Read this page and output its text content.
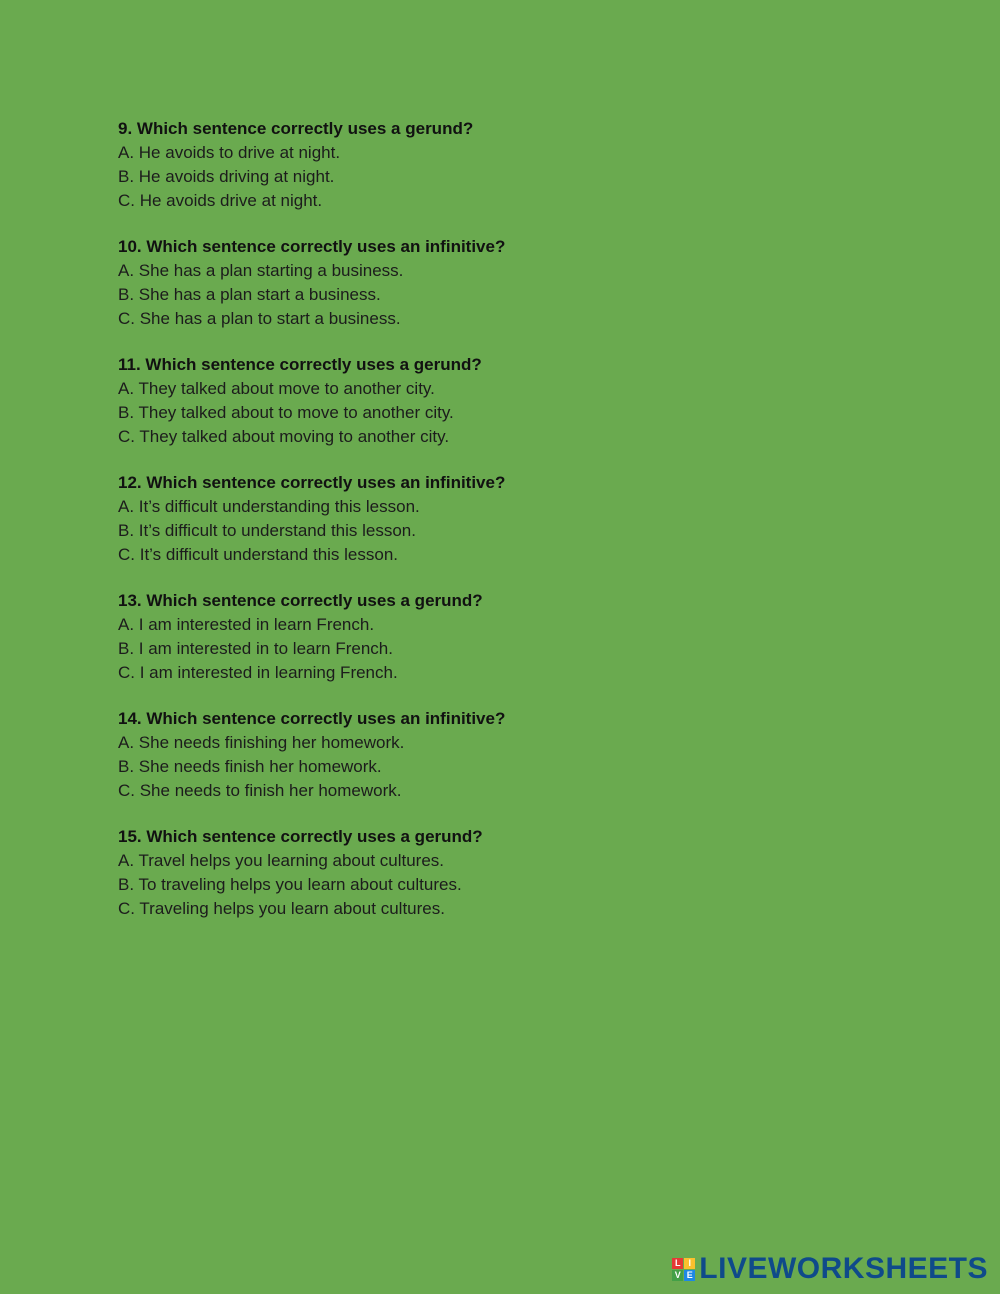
9. Which sentence correctly uses a gerund?
A. He avoids to drive at night.
B. He avoids driving at night.
C. He avoids drive at night.
10. Which sentence correctly uses an infinitive?
A. She has a plan starting a business.
B. She has a plan start a business.
C. She has a plan to start a business.
11. Which sentence correctly uses a gerund?
A. They talked about move to another city.
B. They talked about to move to another city.
C. They talked about moving to another city.
12. Which sentence correctly uses an infinitive?
A. It’s difficult understanding this lesson.
B. It’s difficult to understand this lesson.
C. It’s difficult understand this lesson.
13. Which sentence correctly uses a gerund?
A. I am interested in learn French.
B. I am interested in to learn French.
C. I am interested in learning French.
14. Which sentence correctly uses an infinitive?
A. She needs finishing her homework.
B. She needs finish her homework.
C. She needs to finish her homework.
15. Which sentence correctly uses a gerund?
A. Travel helps you learning about cultures.
B. To traveling helps you learn about cultures.
C. Traveling helps you learn about cultures.
L I
V E LIVEWORKSHEETS
